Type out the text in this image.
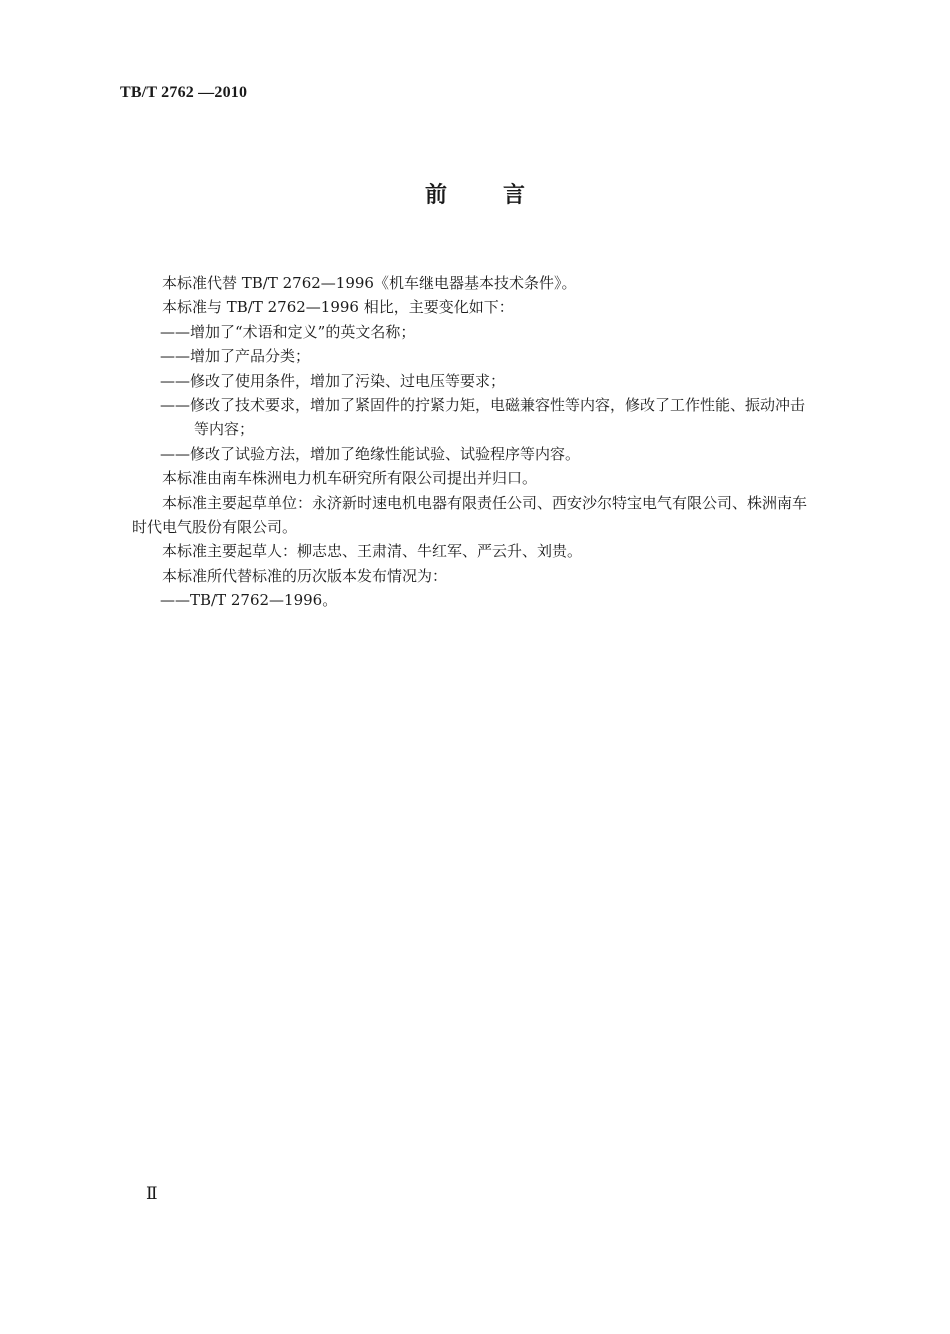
TB/T 2762 —2010
前	言

本标准代替 TB/T 2762—1996《机车继电器基本技术条件》。

本标准与 TB/T 2762—1996 相比，主要变化如下：

——增加了“术语和定义”的英文名称；

——增加了产品分类；

——修改了使用条件，增加了污染、过电压等要求；

——修改了技术要求，增加了紧固件的拧紧力矩，电磁兼容性等内容，修改了工作性能、振动冲击

等内容；

——修改了试验方法，增加了绝缘性能试验、试验程序等内容。

本标准由南车株洲电力机车研究所有限公司提出并归口。

本标准主要起草单位：永济新时速电机电器有限责任公司、西安沙尔特宝电气有限公司、株洲南车

时代电气股份有限公司。

本标准主要起草人：柳志忠、王肃清、牛红军、严云升、刘贵。

本标准所代替标准的历次版本发布情况为：

——TB/T 2762—1996。

Ⅱ
